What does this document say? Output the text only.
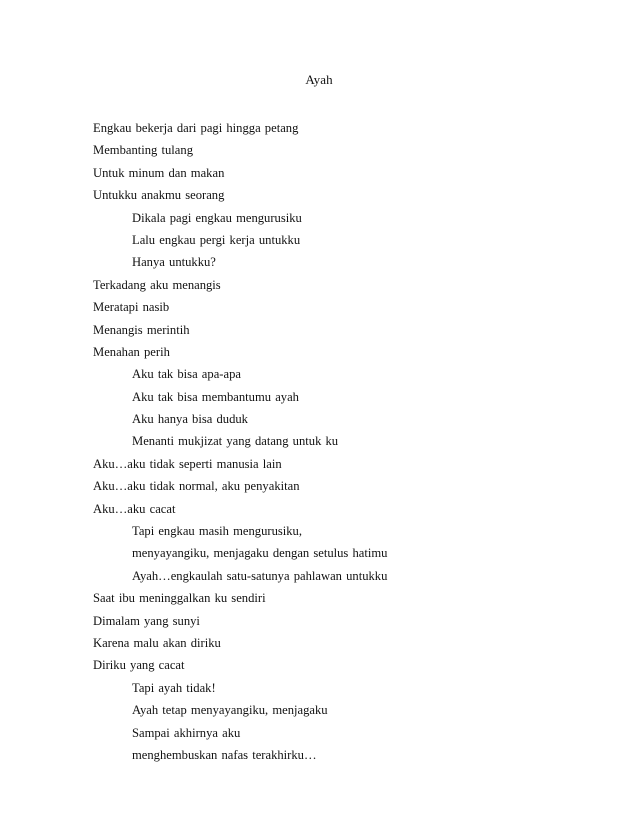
Ayah
Engkau bekerja dari pagi hingga petang
Membanting tulang
Untuk minum dan makan
Untukku anakmu seorang
Dikala pagi engkau mengurusiku
Lalu engkau pergi kerja untukku
Hanya untukku?
Terkadang aku menangis
Meratapi nasib
Menangis merintih
Menahan perih
Aku tak bisa apa-apa
Aku tak bisa membantumu ayah
Aku hanya bisa duduk
Menanti mukjizat yang datang untuk ku
Aku…aku tidak seperti manusia lain
Aku…aku tidak normal, aku penyakitan
Aku…aku cacat
Tapi engkau masih mengurusiku,
menyayangiku, menjagaku dengan setulus hatimu
Ayah…engkaulah satu-satunya pahlawan untukku
Saat ibu meninggalkan ku sendiri
Dimalam yang sunyi
Karena malu akan diriku
Diriku yang cacat
Tapi ayah tidak!
Ayah tetap menyayangiku, menjagaku
Sampai akhirnya aku
menghembuskan nafas terakhirku…
